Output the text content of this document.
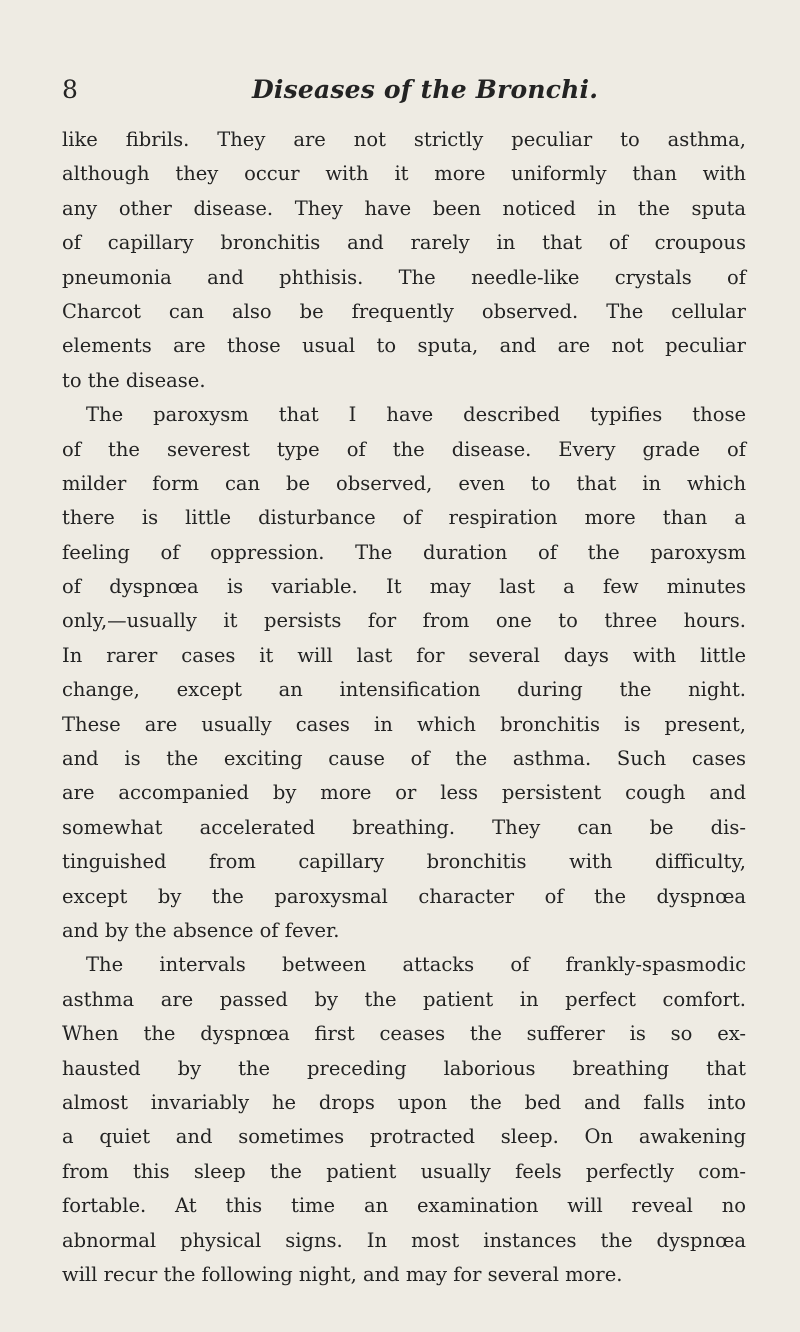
8	Diseases of the Bronchi.
like fibrils. They are not strictly peculiar to asthma,
although they occur with it more uniformly than with
any other disease. They have been noticed in the sputa
of capillary bronchitis and rarely in that of croupous
pneumonia and phthisis. The needle-like crystals of
Charcot can also be frequently observed. The cellular
elements are those usual to sputa, and are not peculiar
to the disease.
The paroxysm that I have described typifies those
of the severest type of the disease. Every grade of
milder form can be observed, even to that in which
there is little disturbance of respiration more than a
feeling of oppression. The duration of the paroxysm
of dyspnœa is variable. It may last a few minutes
only,—usually it persists for from one to three hours.
In rarer cases it will last for several days with little
change, except an intensification during the night.
These are usually cases in which bronchitis is present,
and is the exciting cause of the asthma. Such cases
are accompanied by more or less persistent cough and
somewhat accelerated breathing. They can be dis-
tinguished from capillary bronchitis with difficulty,
except by the paroxysmal character of the dyspnœa
and by the absence of fever.
The intervals between attacks of frankly-spasmodic
asthma are passed by the patient in perfect comfort.
When the dyspnœa first ceases the sufferer is so ex-
hausted by the preceding laborious breathing that
almost invariably he drops upon the bed and falls into
a quiet and sometimes protracted sleep. On awakening
from this sleep the patient usually feels perfectly com-
fortable. At this time an examination will reveal no
abnormal physical signs. In most instances the dyspnœa
will recur the following night, and may for several more.
